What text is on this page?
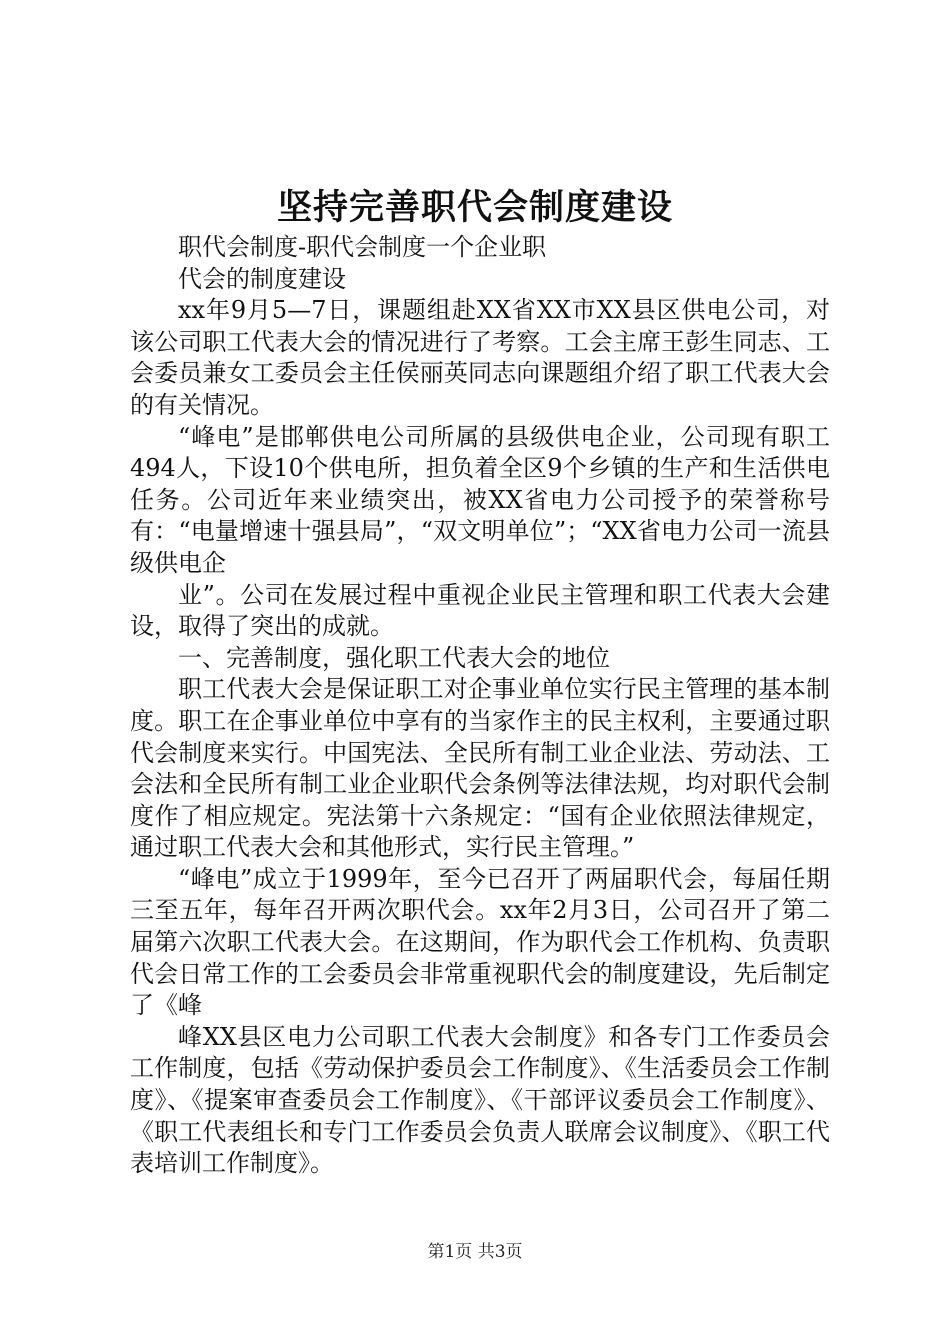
坚持完善职代会制度建设

职代会制度-职代会制度一个企业职

代会的制度建设

xx年9月5—7日，课题组赴XX省XX市XX县区供电公司，对该公司职工代表大会的情况进行了考察。工会主席王彭生同志、工会委员兼女工委员会主任侯丽英同志向课题组介绍了职工代表大会的有关情况。

“峰电”是邯郸供电公司所属的县级供电企业，公司现有职工494人，下设10个供电所，担负着全区9个乡镇的生产和生活供电任务。公司近年来业绩突出，被XX省电力公司授予的荣誉称号有：“电量增速十强县局”，“双文明单位”；“XX省电力公司一流县级供电企

业”。公司在发展过程中重视企业民主管理和职工代表大会建设，取得了突出的成就。

一、完善制度，强化职工代表大会的地位

职工代表大会是保证职工对企事业单位实行民主管理的基本制度。职工在企事业单位中享有的当家作主的民主权利，主要通过职代会制度来实行。中国宪法、全民所有制工业企业法、劳动法、工会法和全民所有制工业企业职代会条例等法律法规，均对职代会制度作了相应规定。宪法第十六条规定：“国有企业依照法律规定，通过职工代表大会和其他形式，实行民主管理。”

“峰电”成立于1999年，至今已召开了两届职代会，每届任期三至五年，每年召开两次职代会。xx年2月3日，公司召开了第二届第六次职工代表大会。在这期间，作为职代会工作机构、负责职代会日常工作的工会委员会非常重视职代会的制度建设，先后制定了《峰

峰XX县区电力公司职工代表大会制度》和各专门工作委员会工作制度，包括《劳动保护委员会工作制度》、《生活委员会工作制度》、《提案审查委员会工作制度》、《干部评议委员会工作制度》、《职工代表组长和专门工作委员会负责人联席会议制度》、《职工代表培训工作制度》。

第1页 共3页
